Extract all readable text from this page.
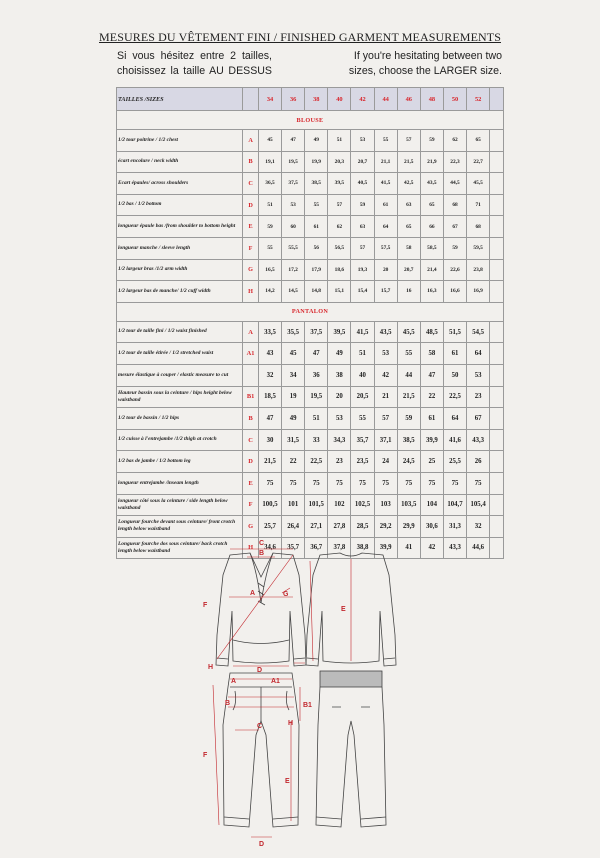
MESURES DU VÊTEMENT FINI / FINISHED GARMENT MEASUREMENTS
Si vous hésitez entre 2 tailles, choisissez la taille AU DESSUS
If you're hesitating between two sizes, choose the LARGER size.
TAILLES /SIZES		34	36	38	40	42	44	46	48	50	52	
BLOUSE												
1/2 tour poitrine / 1/2 chest	A	45	47	49	51	53	55	57	59	62	65	
écart encolure / neck width	B	19,1	19,5	19,9	20,3	20,7	21,1	21,5	21,9	22,3	22,7	
Ecart épaules/ across shoulders	C	36,5	37,5	38,5	39,5	40,5	41,5	42,5	43,5	44,5	45,5	
1/2 bas / 1/2 bottom	D	51	53	55	57	59	61	63	65	68	71	
longueur épaule bas /from shoulder to bottom height	E	59	60	61	62	63	64	65	66	67	68	
longueur manche / sleeve length	F	55	55,5	56	56,5	57	57,5	58	58,5	59	59,5	
1/2 largeur bras /1/2 arm width	G	16,5	17,2	17,9	18,6	19,3	20	20,7	21,4	22,6	23,8	
1/2 largeur bas de manche/ 1/2 cuff width	H	14,2	14,5	14,8	15,1	15,4	15,7	16	16,3	16,6	16,9	
PANTALON												
1/2 tour de taille fini / 1/2 waist finished	A	33,5	35,5	37,5	39,5	41,5	43,5	45,5	48,5	51,5	54,5	
1/2 tour de taille étirée / 1/2 stretched waist	A1	43	45	47	49	51	53	55	58	61	64	
mesure élastique à couper / elastic measure to cut		32	34	36	38	40	42	44	47	50	53	
Hauteur bassin sous la ceinture / hips height below waistband	B1	18,5	19	19,5	20	20,5	21	21,5	22	22,5	23	
1/2 tour de bassin / 1/2 hips	B	47	49	51	53	55	57	59	61	64	67	
1/2 cuisse à l'entrejambe /1/2 thigh at crotch	C	30	31,5	33	34,3	35,7	37,1	38,5	39,9	41,6	43,3	
1/2 bas de jambe / 1/2 bottom leg	D	21,5	22	22,5	23	23,5	24	24,5	25	25,5	26	
longueur entrejambe /inseam length	E	75	75	75	75	75	75	75	75	75	75	
longueur côté sous la ceinture / side length below waistband	F	100,5	101	101,5	102	102,5	103	103,5	104	104,7	105,4	
Longueur fourche devant sous ceinture/ front crotch length below waistband	G	25,7	26,4	27,1	27,8	28,5	29,2	29,9	30,6	31,3	32	
Longueur fourche dos sous ceinture/ back crotch length below waistband	H	34,6	35,7	36,7	37,8	38,8	39,9	41	42	43,3	44,6	
C
B
A	G
D
F
H
E
A	A1
B	B1
C
D
E
F
H
